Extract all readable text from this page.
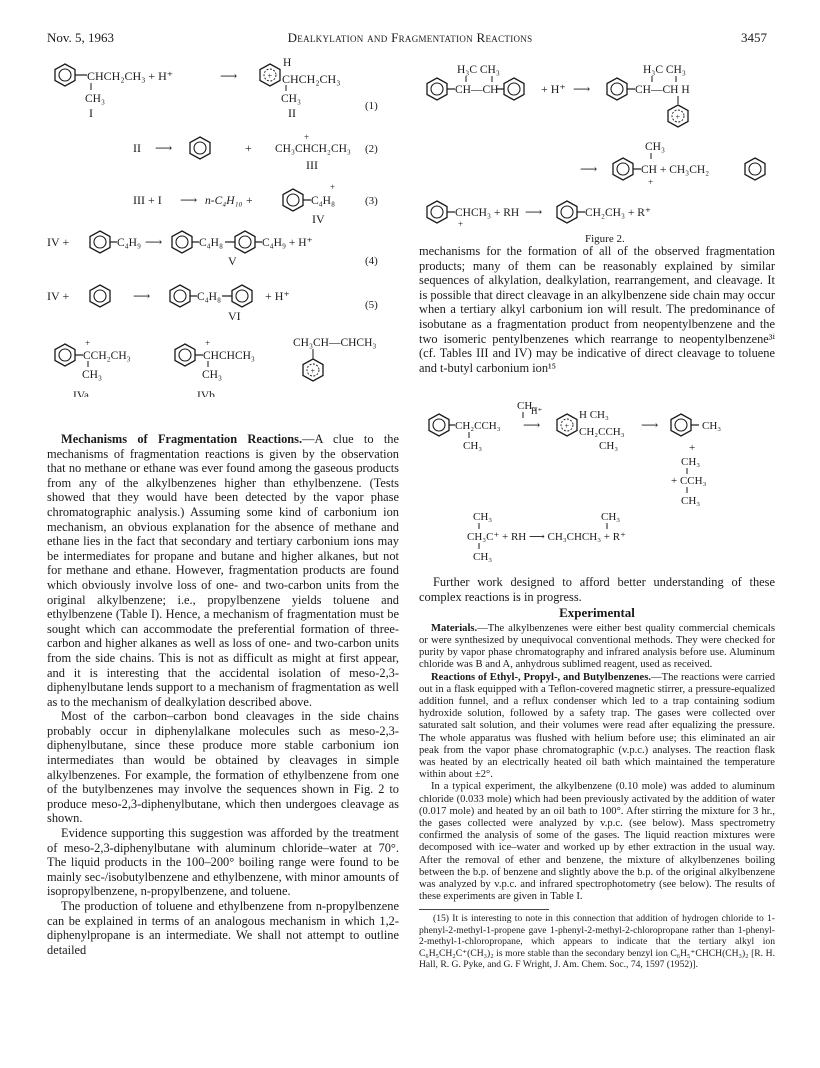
Nov. 5, 1963	Dealkylation and Fragmentation Reactions	3457
CHCH₂CH₃ + H⁺
CH₃
I
⟶
H
CHCH₂CH₃
CH₃
II	(1)
II ⟶	+ CH₃CHCH₂CH₃
+
III
(2)
III + I ⟶ n-C₄H₁₀ +	C₄H₈
+
IV
(3)
IV +	C₄H₉ ⟶	C₄H₈	C₄H₉ + H⁺
V	(4)
IV +	⟶	C₄H₈	+ H⁺
VI
(5)
+
CCH₂CH₃
CH₃
IVa
+
CHCHCH₃
CH₃
IVb
CH₃CH—CHCH₃
H₃C CH₃
CH—CH	+ H⁺ ⟶
H₃C CH₃
CH—CH H
CH₃
⟶	CH + CH₃CH₂
+
CHCH₃ + RH
+
⟶	CH₂CH₃ + R⁺
Figure 2.

Mechanisms of Fragmentation Reactions.—A clue to the mechanisms of fragmentation reactions is given by the observation that no methane or ethane was ever found among the gaseous products from any of the alkylbenzenes higher than ethylbenzene. (Tests showed that they would have been detected by the vapor phase chromatographic analysis.) Assuming some kind of carbonium ion mechanism, an obvious explanation for the absence of methane and ethane lies in the fact that secondary and tertiary carbonium ions may be intermediates for propane and butane and higher alkanes, but not for methane and ethane. However, fragmentation products are found which obviously involve loss of one- and two-carbon units from the original alkylbenzene; i.e., propylbenzene yields toluene and ethylbenzene (Table I). Hence, a mechanism of fragmentation must be sought which can accommodate the preferential formation of three-carbon and higher alkanes as well as loss of one- and two-carbon units from the side chains. This is not as difficult as might at first appear, and it is interesting that the accidental isolation of meso-2,3-diphenylbutane lends support to a mechanism of fragmentation as well as to the mechanism of dealkylation described above.

Most of the carbon–carbon bond cleavages in the side chains probably occur in diphenylalkane molecules such as meso-2,3-diphenylbutane, since these produce more stable carbonium ion intermediates than would be obtained by cleavages in simple alkylbenzenes. For example, the formation of ethylbenzene from one of the butylbenzenes may involve the sequences shown in Fig. 2 to produce meso-2,3-diphenylbutane, which then undergoes cleavage as shown.

Evidence supporting this suggestion was afforded by the treatment of meso-2,3-diphenylbutane with aluminum chloride–water at 70°. The liquid products in the 100–200° boiling range were found to be mainly sec-/isobutylbenzene and ethylbenzene, with minor amounts of isopropylbenzene, n-propylbenzene, and toluene.

The production of toluene and ethylbenzene from n-propylbenzene can be explained in terms of an analogous mechanism in which 1,2-diphenylpropane is an intermediate. We shall not attempt to outline detailed

mechanisms for the formation of all of the observed fragmentation products; many of them can be reasonably explained by similar sequences of alkylation, dealkylation, rearrangement, and cleavage. It is possible that direct cleavage in an alkylbenzene side chain may occur when a tertiary alkyl carbonium ion will result. The predominance of isobutane as a fragmentation product from neopentylbenzene and the two isomeric pentylbenzenes which rearrange to neopentylbenzene³ⁱ (cf. Tables III and IV) may be indicative of direct cleavage to toluene and t-butyl carbonium ion¹⁵

CH₃
CH₂CCH₃
CH₃
H⁺
⟶
H CH₃
CH₂CCH₃
CH₃
⟶	CH₃
+
CH₃
+ CCH₃
CH₃
CH₃
CH₃C⁺ + RH ⟶ CH₃CHCH₃ + R⁺
CH₃
CH₃

Further work designed to afford better understanding of these complex reactions is in progress.

Experimental

Materials.—The alkylbenzenes were either best quality commercial chemicals or were synthesized by unequivocal conventional methods. They were checked for purity by vapor phase chromatography and infrared analysis before use. Aluminum chloride was B and A, anhydrous sublimed reagent, used as received.

Reactions of Ethyl-, Propyl-, and Butylbenzenes.—The reactions were carried out in a flask equipped with a Teflon-covered magnetic stirrer, a pressure-equalized addition funnel, and a reflux condenser which led to a trap containing sodium hydroxide solution, followed by a safety trap. The gases were collected over saturated salt solution, and their volumes were read after equalizing the pressure. The whole apparatus was flushed with helium before use; this eliminated an air peak from the vapor phase chromatographic (v.p.c.) analyses. The reaction flask was heated by an electrically heated oil bath which maintained the temperature within about ±2°.

In a typical experiment, the alkylbenzene (0.10 mole) was added to aluminum chloride (0.033 mole) which had been previously activated by the addition of water (0.017 mole) and heated by an oil bath to 100°. After stirring the mixture for 3 hr., the gases collected were analyzed by v.p.c. (see below). Mass spectrometry confirmed the analysis of some of the gases. The liquid reaction mixtures were decomposed with ice–water and worked up by ether extraction in the usual way. After the removal of ether and benzene, the mixture of alkylbenzenes boiling between the b.p. of benzene and slightly above the b.p. of the original alkylbenzene was analyzed by v.p.c. and infrared spectrophotometry (see below). The results of these experiments are given in Table I.

(15) It is interesting to note in this connection that addition of hydrogen chloride to 1-phenyl-2-methyl-1-propene gave 1-phenyl-2-methyl-2-chloropropane rather than 1-phenyl-2-methyl-1-chloropropane, which appears to indicate that the tertiary alkyl ion C₆H₅CH₂C⁺(CH₃)₂ is more stable than the secondary benzyl ion C₆H₅⁺CHCH(CH₃)₂ [R. H. Hall, R. G. Pyke, and G. F Wright, J. Am. Chem. Soc., 74, 1597 (1952)].
